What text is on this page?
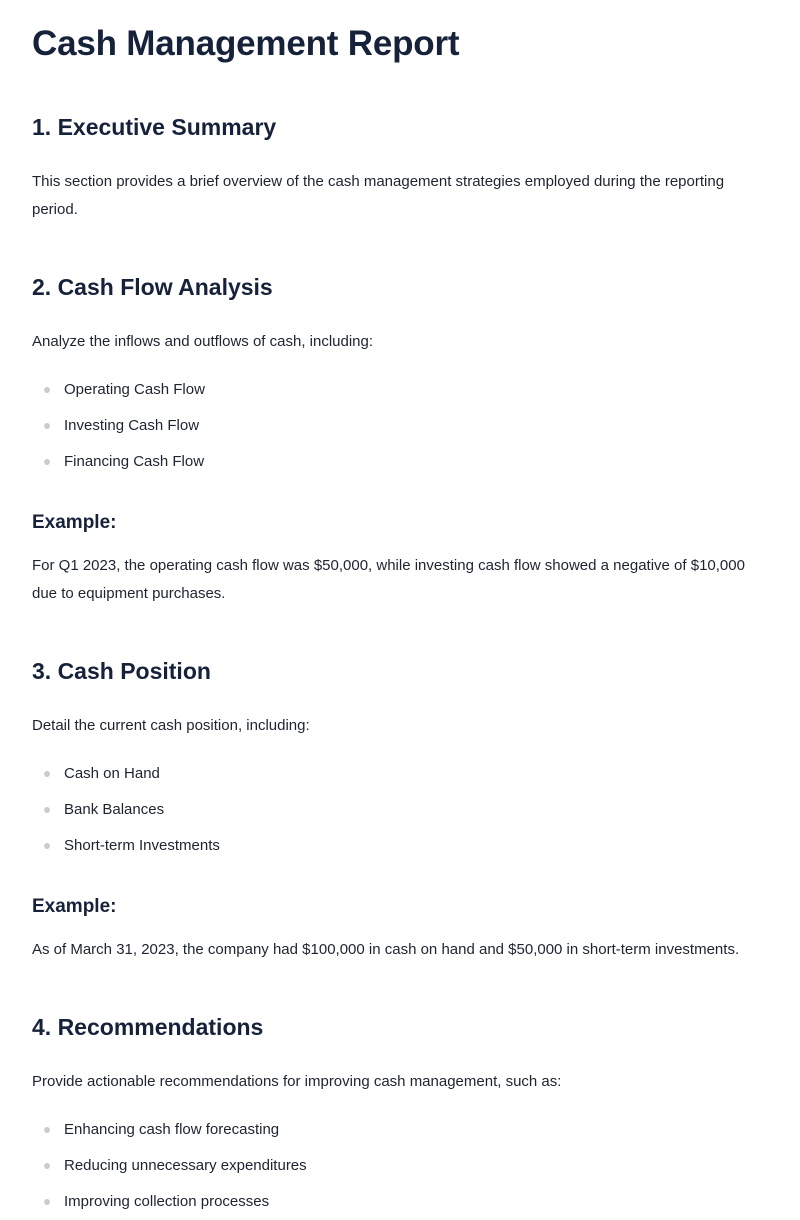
Cash Management Report
1. Executive Summary

This section provides a brief overview of the cash management strategies employed during the reporting period.

2. Cash Flow Analysis

Analyze the inflows and outflows of cash, including:

Operating Cash Flow
Investing Cash Flow
Financing Cash Flow
Example:

For Q1 2023, the operating cash flow was $50,000, while investing cash flow showed a negative of $10,000 due to equipment purchases.

3. Cash Position

Detail the current cash position, including:

Cash on Hand
Bank Balances
Short-term Investments
Example:

As of March 31, 2023, the company had $100,000 in cash on hand and $50,000 in short-term investments.

4. Recommendations

Provide actionable recommendations for improving cash management, such as:

Enhancing cash flow forecasting
Reducing unnecessary expenditures
Improving collection processes
